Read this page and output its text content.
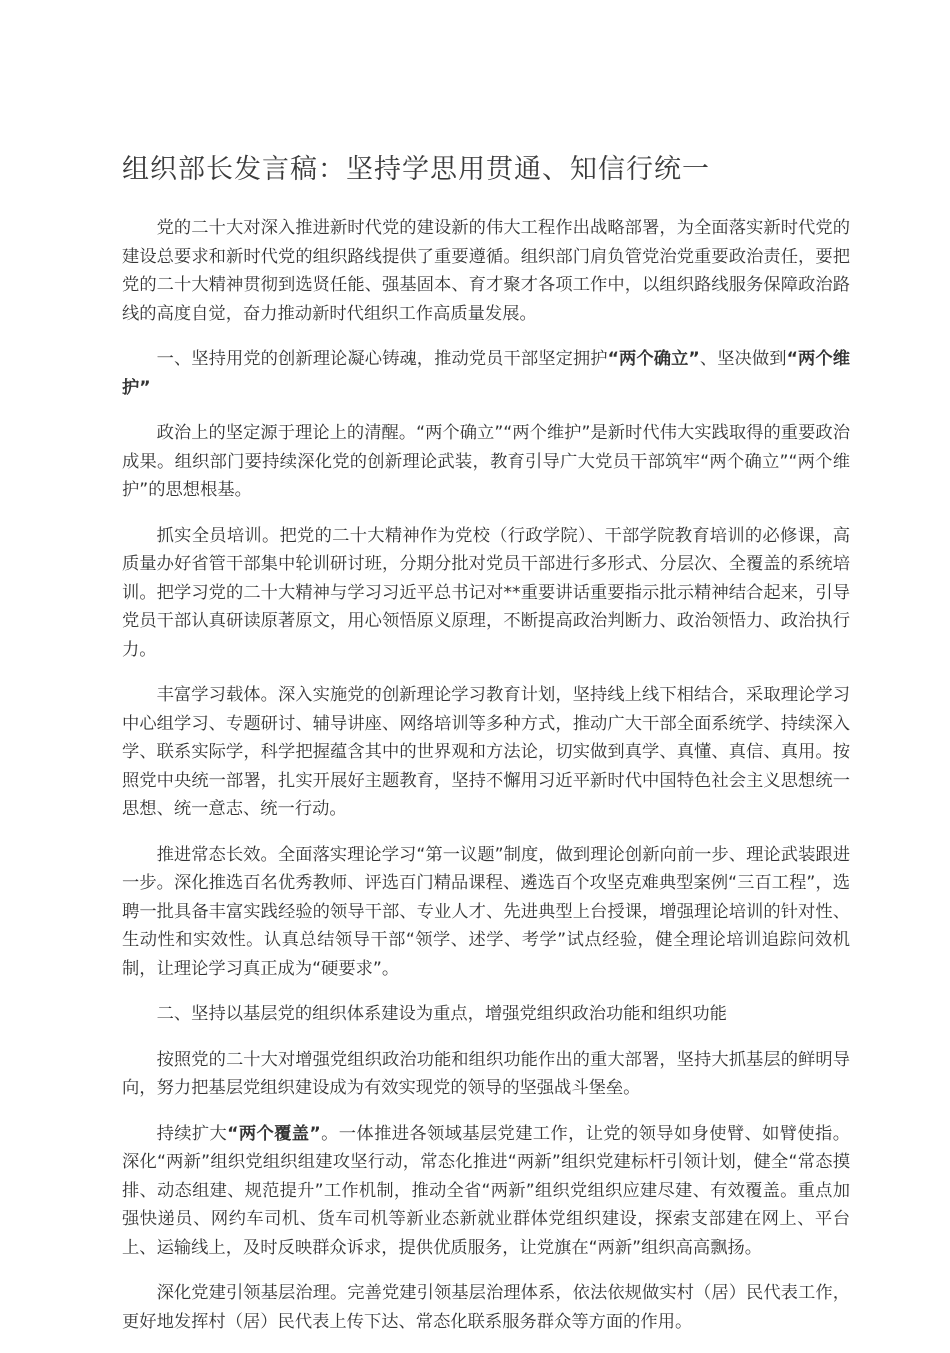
组织部长发言稿：坚持学思用贯通、知信行统一

党的二十大对深入推进新时代党的建设新的伟大工程作出战略部署，为全面落实新时代党的建设总要求和新时代党的组织路线提供了重要遵循。组织部门肩负管党治党重要政治责任，要把党的二十大精神贯彻到选贤任能、强基固本、育才聚才各项工作中，以组织路线服务保障政治路线的高度自觉，奋力推动新时代组织工作高质量发展。

一、坚持用党的创新理论凝心铸魂，推动党员干部坚定拥护“两个确立”、坚决做到“两个维护”

政治上的坚定源于理论上的清醒。“两个确立”“两个维护”是新时代伟大实践取得的重要政治成果。组织部门要持续深化党的创新理论武装，教育引导广大党员干部筑牢“两个确立”“两个维护”的思想根基。

抓实全员培训。把党的二十大精神作为党校（行政学院）、干部学院教育培训的必修课，高质量办好省管干部集中轮训研讨班，分期分批对党员干部进行多形式、分层次、全覆盖的系统培训。把学习党的二十大精神与学习习近平总书记对**重要讲话重要指示批示精神结合起来，引导党员干部认真研读原著原文，用心领悟原义原理，不断提高政治判断力、政治领悟力、政治执行力。

丰富学习载体。深入实施党的创新理论学习教育计划，坚持线上线下相结合，采取理论学习中心组学习、专题研讨、辅导讲座、网络培训等多种方式，推动广大干部全面系统学、持续深入学、联系实际学，科学把握蕴含其中的世界观和方法论，切实做到真学、真懂、真信、真用。按照党中央统一部署，扎实开展好主题教育，坚持不懈用习近平新时代中国特色社会主义思想统一思想、统一意志、统一行动。

推进常态长效。全面落实理论学习“第一议题”制度，做到理论创新向前一步、理论武装跟进一步。深化推选百名优秀教师、评选百门精品课程、遴选百个攻坚克难典型案例“三百工程”，选聘一批具备丰富实践经验的领导干部、专业人才、先进典型上台授课，增强理论培训的针对性、生动性和实效性。认真总结领导干部“领学、述学、考学”试点经验，健全理论培训追踪问效机制，让理论学习真正成为“硬要求”。

二、坚持以基层党的组织体系建设为重点，增强党组织政治功能和组织功能

按照党的二十大对增强党组织政治功能和组织功能作出的重大部署，坚持大抓基层的鲜明导向，努力把基层党组织建设成为有效实现党的领导的坚强战斗堡垒。

持续扩大“两个覆盖”。一体推进各领域基层党建工作，让党的领导如身使臂、如臂使指。深化“两新”组织党组织组建攻坚行动，常态化推进“两新”组织党建标杆引领计划，健全“常态摸排、动态组建、规范提升”工作机制，推动全省“两新”组织党组织应建尽建、有效覆盖。重点加强快递员、网约车司机、货车司机等新业态新就业群体党组织建设，探索支部建在网上、平台上、运输线上，及时反映群众诉求，提供优质服务，让党旗在“两新”组织高高飘扬。

深化党建引领基层治理。完善党建引领基层治理体系，依法依规做实村（居）民代表工作，更好地发挥村（居）民代表上传下达、常态化联系服务群众等方面的作用。
